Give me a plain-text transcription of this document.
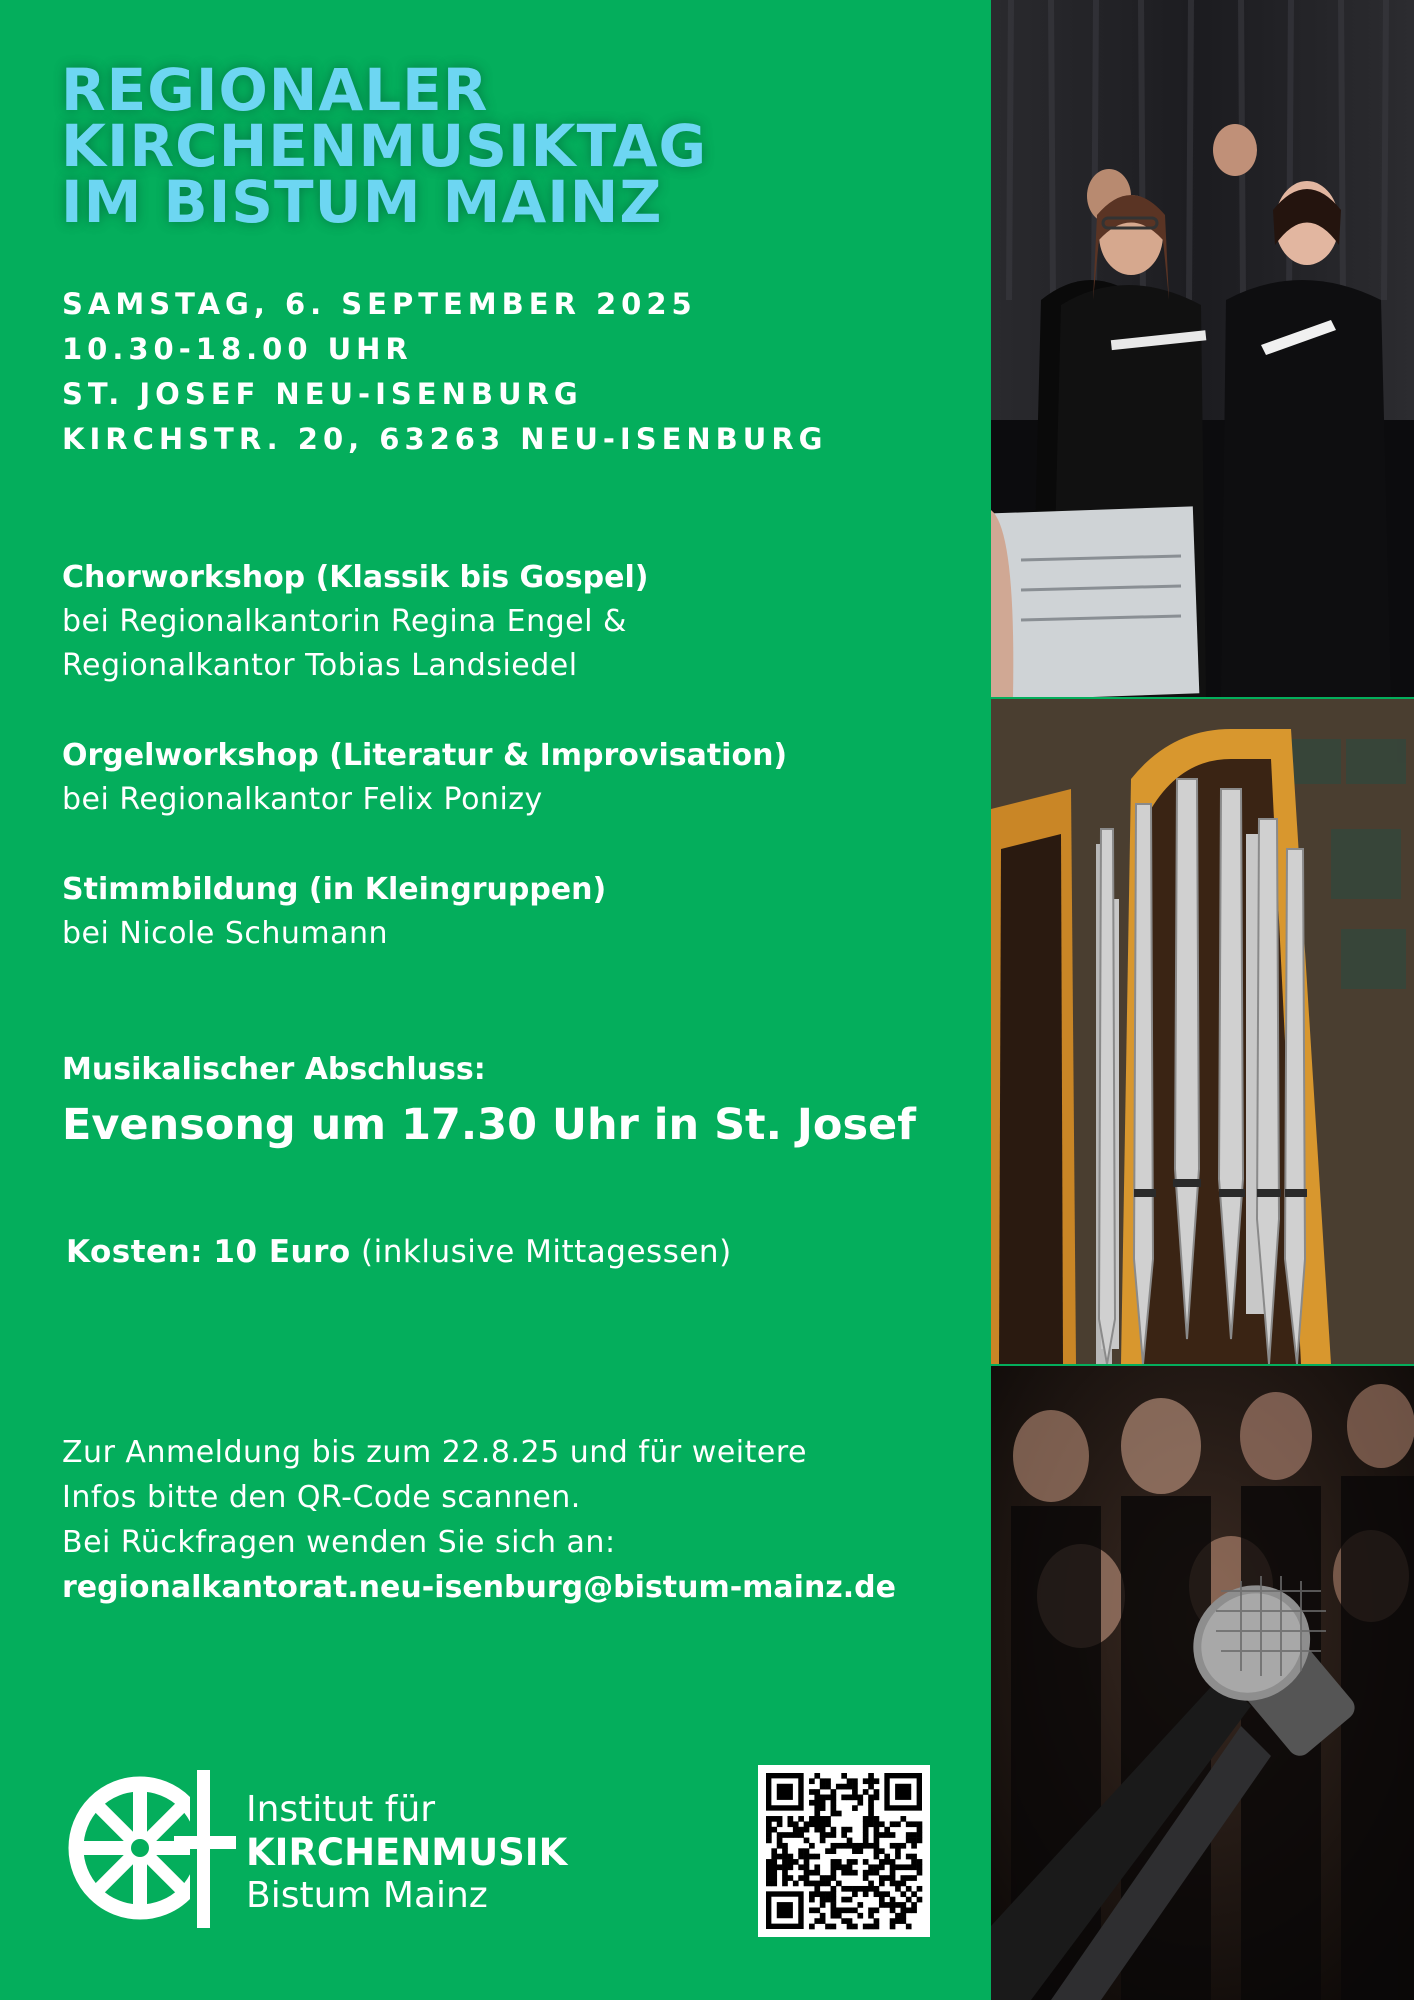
REGIONALER
KIRCHENMUSIKTAG
IM BISTUM MAINZ
SAMSTAG, 6. SEPTEMBER 2025
10.30-18.00 UHR
ST. JOSEF NEU-ISENBURG
KIRCHSTR. 20, 63263 NEU-ISENBURG
Chorworkshop (Klassik bis Gospel)
bei Regionalkantorin Regina Engel &
Regionalkantor Tobias Landsiedel
Orgelworkshop (Literatur & Improvisation)
bei Regionalkantor Felix Ponizy
Stimmbildung (in Kleingruppen)
bei Nicole Schumann
Musikalischer Abschluss:
Evensong um 17.30 Uhr in St. Josef
Kosten: 10 Euro (inklusive Mittagessen)
Zur Anmeldung bis zum 22.8.25 und für weitere
Infos bitte den QR-Code scannen.
Bei Rückfragen wenden Sie sich an:
regionalkantorat.neu-isenburg@bistum-mainz.de
Institut für
KIRCHENMUSIK
Bistum Mainz
